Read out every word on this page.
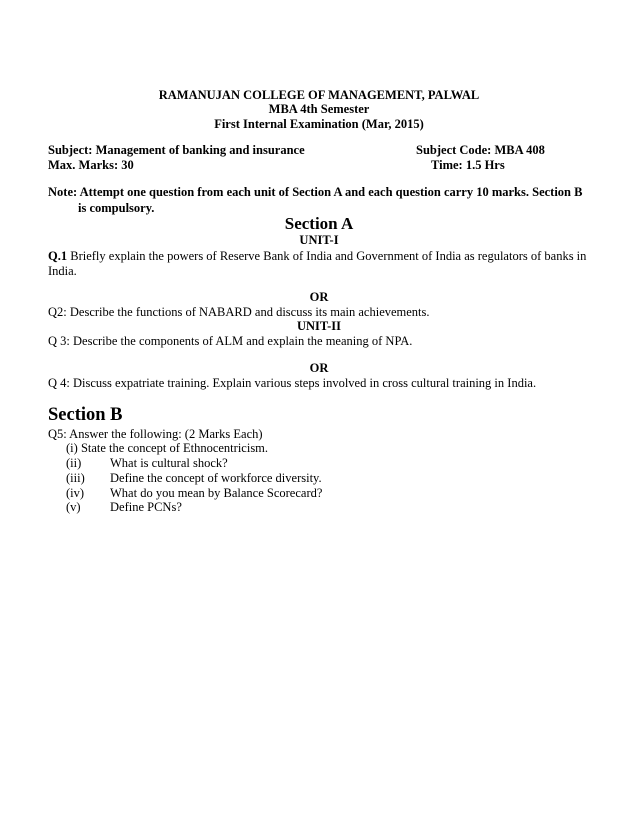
RAMANUJAN COLLEGE OF MANAGEMENT, PALWAL
MBA 4th Semester
First Internal Examination (Mar, 2015)
Subject: Management of banking and insurance	Subject Code: MBA 408
Max. Marks: 30	Time: 1.5 Hrs
Note: Attempt one question from each unit of Section A and each question carry 10 marks. Section B
is compulsory.
Section A
UNIT-I
Q.1 Briefly explain the powers of Reserve Bank of India and Government of India as regulators of banks in
India.
OR
Q2: Describe the functions of NABARD and discuss its main achievements.
UNIT-II
Q 3: Describe the components of ALM and explain the meaning of NPA.
OR
Q 4: Discuss expatriate training. Explain various steps involved in cross cultural training in India.
Section B
Q5: Answer the following: (2 Marks Each)
(i) State the concept of Ethnocentricism.
(ii) What is cultural shock?
(iii) Define the concept of workforce diversity.
(iv) What do you mean by Balance Scorecard?
(v) Define PCNs?
